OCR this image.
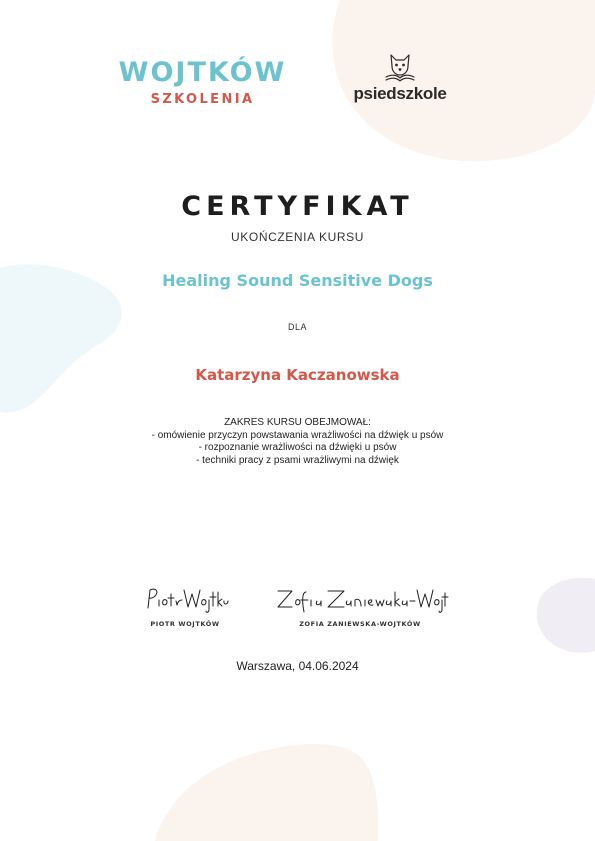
WOJTKÓW
SZKOLENIA	psiedszkole
CERTYFIKAT
UKOŃCZENIA KURSU
Healing Sound Sensitive Dogs
DLA
Katarzyna Kaczanowska
ZAKRES KURSU OBEJMOWAŁ:
- omówienie przyczyn powstawania wrażliwości na dźwięk u psów
- rozpoznanie wrażliwości na dźwięki u psów
- techniki pracy z psami wrażliwymi na dźwięk
PIOTR WOJTKÓW	ZOFIA ZANIEWSKA-WOJTKÓW
Warszawa, 04.06.2024
